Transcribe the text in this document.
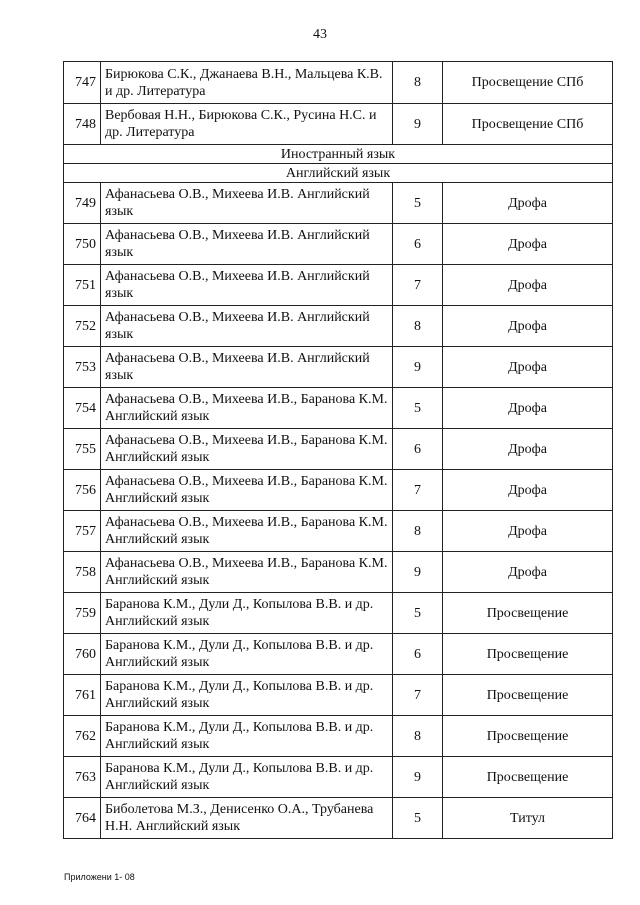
43
747	Бирюкова С.К., Джанаева В.Н., Мальцева К.В. и др. Литература	8	Просвещение СПб
748	Вербовая Н.Н., Бирюкова С.К., Русина Н.С. и др. Литература	9	Просвещение СПб
Иностранный язык			
Английский язык			
749	Афанасьева О.В., Михеева И.В. Английский язык	5	Дрофа
750	Афанасьева О.В., Михеева И.В. Английский язык	6	Дрофа
751	Афанасьева О.В., Михеева И.В. Английский язык	7	Дрофа
752	Афанасьева О.В., Михеева И.В. Английский язык	8	Дрофа
753	Афанасьева О.В., Михеева И.В. Английский язык	9	Дрофа
754	Афанасьева О.В., Михеева И.В., Баранова К.М. Английский язык	5	Дрофа
755	Афанасьева О.В., Михеева И.В., Баранова К.М. Английский язык	6	Дрофа
756	Афанасьева О.В., Михеева И.В., Баранова К.М. Английский язык	7	Дрофа
757	Афанасьева О.В., Михеева И.В., Баранова К.М. Английский язык	8	Дрофа
758	Афанасьева О.В., Михеева И.В., Баранова К.М. Английский язык	9	Дрофа
759	Баранова К.М., Дули Д., Копылова В.В. и др. Английский язык	5	Просвещение
760	Баранова К.М., Дули Д., Копылова В.В. и др. Английский язык	6	Просвещение
761	Баранова К.М., Дули Д., Копылова В.В. и др. Английский язык	7	Просвещение
762	Баранова К.М., Дули Д., Копылова В.В. и др. Английский язык	8	Просвещение
763	Баранова К.М., Дули Д., Копылова В.В. и др. Английский язык	9	Просвещение
764	Биболетова М.З., Денисенко О.А., Трубанева Н.Н. Английский язык	5	Титул
Приложени 1- 08
